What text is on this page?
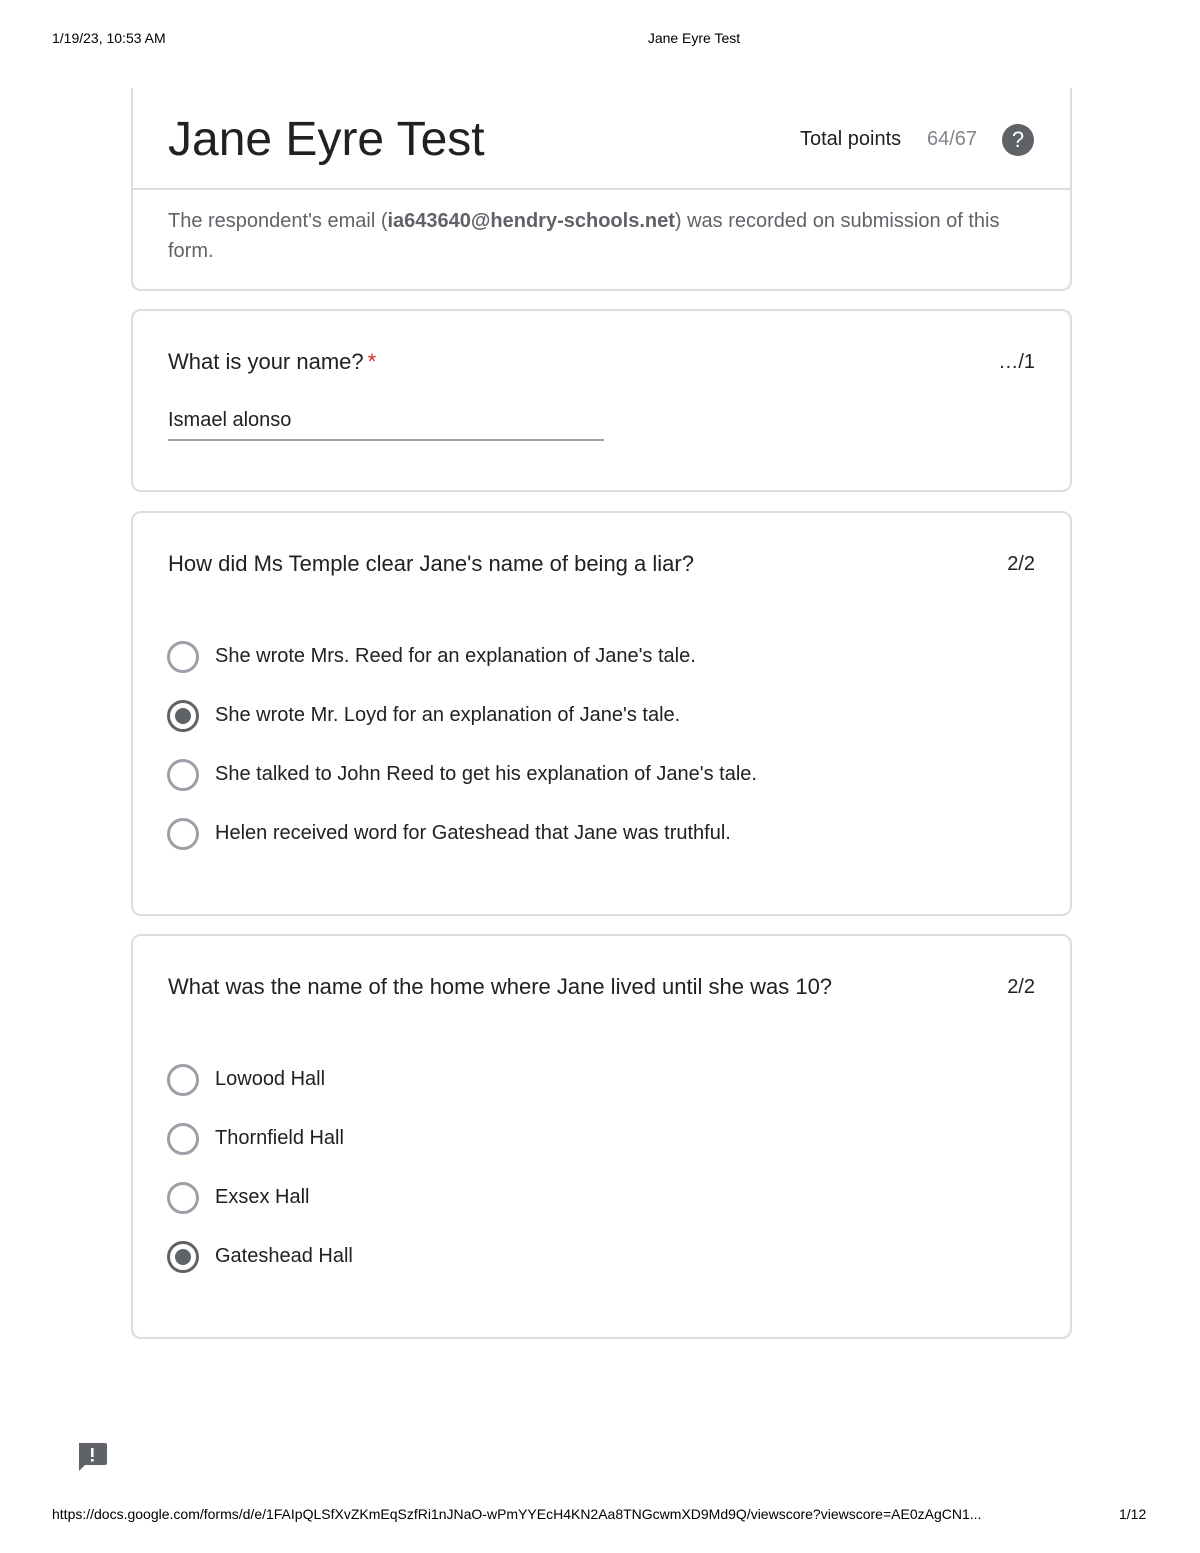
1/19/23, 10:53 AM	Jane Eyre Test
Jane Eyre Test	Total points 64/67	?
The respondent's email (ia643640@hendry-schools.net) was recorded on submission of this form.
What is your name? *	…/1
Ismael alonso
How did Ms Temple clear Jane's name of being a liar?	2/2
She wrote Mrs. Reed for an explanation of Jane's tale.
She wrote Mr. Loyd for an explanation of Jane's tale.
She talked to John Reed to get his explanation of Jane's tale.
Helen received word for Gateshead that Jane was truthful.
What was the name of the home where Jane lived until she was 10?	2/2
Lowood Hall
Thornfield Hall
Exsex Hall
Gateshead Hall
https://docs.google.com/forms/d/e/1FAIpQLSfXvZKmEqSzfRi1nJNaO-wPmYYEcH4KN2Aa8TNGcwmXD9Md9Q/viewscore?viewscore=AE0zAgCN1...	1/12
